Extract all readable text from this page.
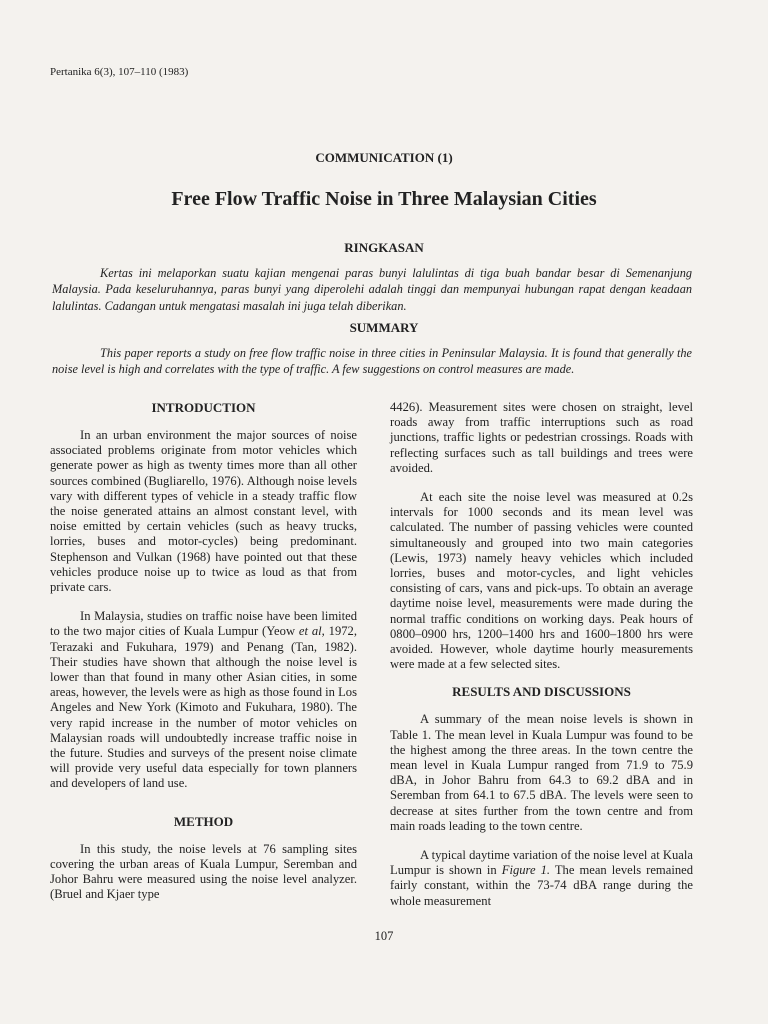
Pertanika 6(3), 107–110 (1983)
COMMUNICATION (1)
Free Flow Traffic Noise in Three Malaysian Cities
RINGKASAN

Kertas ini melaporkan suatu kajian mengenai paras bunyi lalulintas di tiga buah bandar besar di Semenanjung Malaysia. Pada keseluruhannya, paras bunyi yang diperolehi adalah tinggi dan mempunyai hubungan rapat dengan keadaan lalulintas. Cadangan untuk mengatasi masalah ini juga telah diberikan.

SUMMARY

This paper reports a study on free flow traffic noise in three cities in Peninsular Malaysia. It is found that generally the noise level is high and correlates with the type of traffic. A few suggestions on control measures are made.

INTRODUCTION

In an urban environment the major sources of noise associated problems originate from motor vehicles which generate power as high as twenty times more than all other sources combined (Bugliarello, 1976). Although noise levels vary with different types of vehicle in a steady traffic flow the noise generated attains an almost constant level, with noise emitted by certain vehicles (such as heavy trucks, lorries, buses and motor-cycles) being predominant. Stephenson and Vulkan (1968) have pointed out that these vehicles produce noise up to twice as loud as that from private cars.

In Malaysia, studies on traffic noise have been limited to the two major cities of Kuala Lumpur (Yeow et al, 1972, Terazaki and Fukuhara, 1979) and Penang (Tan, 1982). Their studies have shown that although the noise level is lower than that found in many other Asian cities, in some areas, however, the levels were as high as those found in Los Angeles and New York (Kimoto and Fukuhara, 1980). The very rapid increase in the number of motor vehicles on Malaysian roads will undoubtedly increase traffic noise in the future. Studies and surveys of the present noise climate will provide very useful data especially for town planners and developers of land use.

METHOD

In this study, the noise levels at 76 sampling sites covering the urban areas of Kuala Lumpur, Seremban and Johor Bahru were measured using the noise level analyzer. (Bruel and Kjaer type

4426). Measurement sites were chosen on straight, level roads away from traffic interruptions such as road junctions, traffic lights or pedestrian crossings. Roads with reflecting surfaces such as tall buildings and trees were avoided.

At each site the noise level was measured at 0.2s intervals for 1000 seconds and its mean level was calculated. The number of passing vehicles were counted simultaneously and grouped into two main categories (Lewis, 1973) namely heavy vehicles which included lorries, buses and motor-cycles, and light vehicles consisting of cars, vans and pick-ups. To obtain an average daytime noise level, measurements were made during the normal traffic conditions on working days. Peak hours of 0800–0900 hrs, 1200–1400 hrs and 1600–1800 hrs were avoided. However, whole daytime hourly measurements were made at a few selected sites.

RESULTS AND DISCUSSIONS

A summary of the mean noise levels is shown in Table 1. The mean level in Kuala Lumpur was found to be the highest among the three areas. In the town centre the mean level in Kuala Lumpur ranged from 71.9 to 75.9 dBA, in Johor Bahru from 64.3 to 69.2 dBA and in Seremban from 64.1 to 67.5 dBA. The levels were seen to decrease at sites further from the town centre and from main roads leading to the town centre.

A typical daytime variation of the noise level at Kuala Lumpur is shown in Figure 1. The mean levels remained fairly constant, within the 73-74 dBA range during the whole measurement

107
